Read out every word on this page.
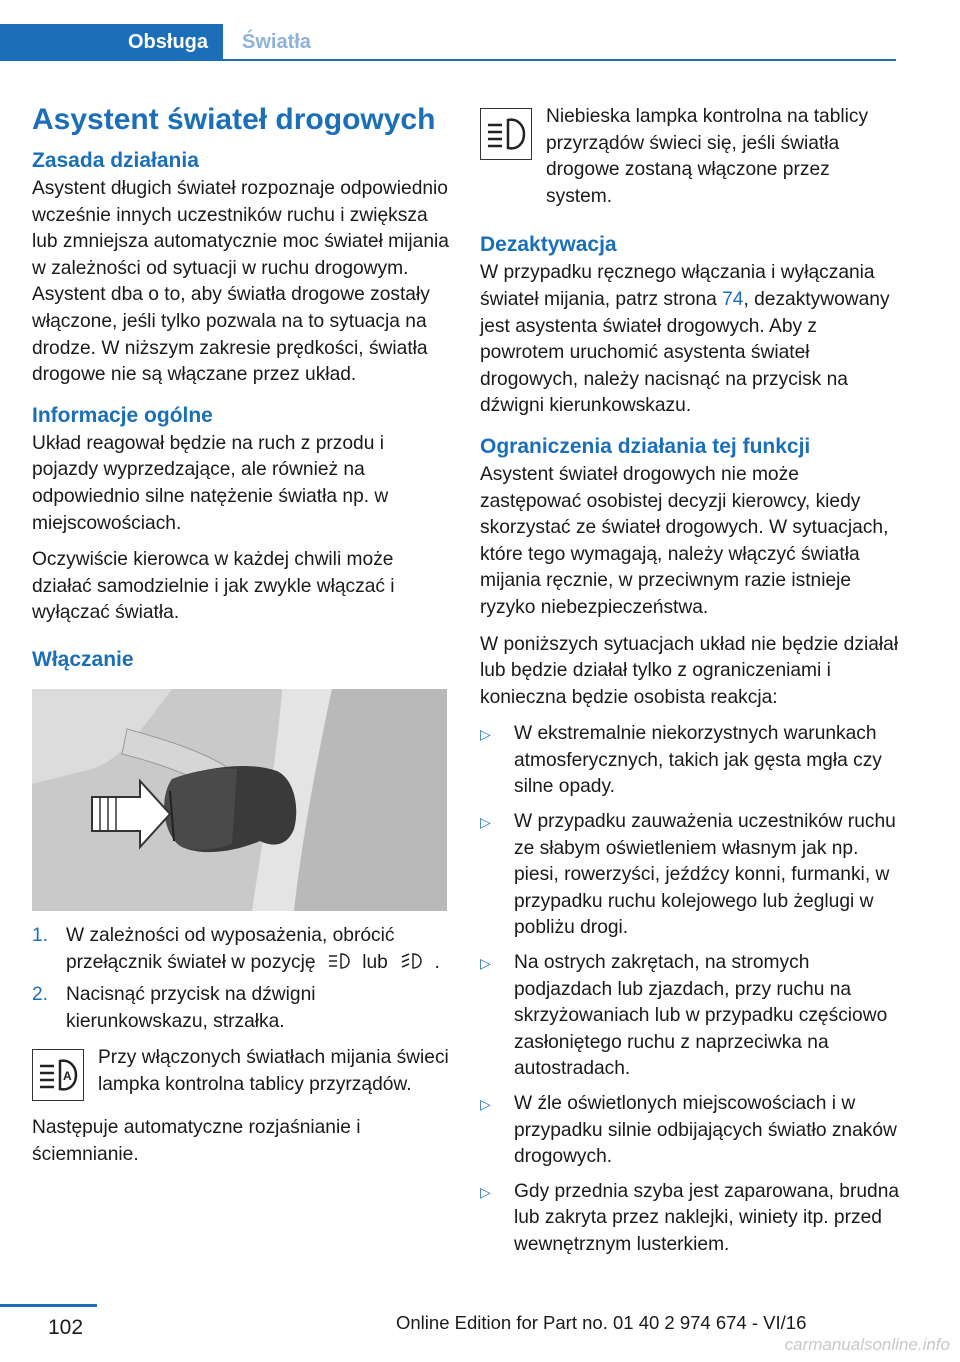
Obsługa	Światła
Asystent świateł drogowych
Zasada działania

Asystent długich świateł rozpoznaje odpowiednio wcześnie innych uczestników ruchu i zwiększa lub zmniejsza automatycznie moc świateł mijania w zależności od sytuacji w ruchu drogowym. Asystent dba o to, aby światła drogowe zostały włączone, jeśli tylko pozwala na to sytuacja na drodze. W niższym zakresie prędkości, światła drogowe nie są włączane przez układ.

Informacje ogólne

Układ reagował będzie na ruch z przodu i pojazdy wyprzedzające, ale również na odpowiednio silne natężenie światła np. w miejscowościach.

Oczywiście kierowca w każdej chwili może działać samodzielnie i jak zwykle włączać i wyłączać światła.

Włączanie
1. W zależności od wyposażenia, obrócić przełącznik świateł w pozycję lub .
2. Nacisnąć przycisk na dźwigni kierunkowskazu, strzałka.
A
Przy włączonych światłach mijania świeci lampka kontrolna tablicy przyrządów.

Następuje automatyczne rozjaśnianie i ściemnianie.

Niebieska lampka kontrolna na tablicy przyrządów świeci się, jeśli światła drogowe zostaną włączone przez system.
Dezaktywacja

W przypadku ręcznego włączania i wyłączania świateł mijania, patrz strona 74, dezaktywowany jest asystenta świateł drogowych. Aby z powrotem uruchomić asystenta świateł drogowych, należy nacisnąć na przycisk na dźwigni kierunkowskazu.

Ograniczenia działania tej funkcji

Asystent świateł drogowych nie może zastępować osobistej decyzji kierowcy, kiedy skorzystać ze świateł drogowych. W sytuacjach, które tego wymagają, należy włączyć światła mijania ręcznie, w przeciwnym razie istnieje ryzyko niebezpieczeństwa.

W poniższych sytuacjach układ nie będzie działał lub będzie działał tylko z ograniczeniami i konieczna będzie osobista reakcja:

▷ W ekstremalnie niekorzystnych warunkach atmosferycznych, takich jak gęsta mgła czy silne opady.
▷ W przypadku zauważenia uczestników ruchu ze słabym oświetleniem własnym jak np. piesi, rowerzyści, jeźdźcy konni, furmanki, w przypadku ruchu kolejowego lub żeglugi w pobliżu drogi.
▷ Na ostrych zakrętach, na stromych podjazdach lub zjazdach, przy ruchu na skrzyżowaniach lub w przypadku częściowo zasłoniętego ruchu z naprzeciwka na autostradach.
▷ W źle oświetlonych miejscowościach i w przypadku silnie odbijających światło znaków drogowych.
▷ Gdy przednia szyba jest zaparowana, brudna lub zakryta przez naklejki, winiety itp. przed wewnętrznym lusterkiem.
102	Online Edition for Part no. 01 40 2 974 674 - VI/16
carmanualsonline.info
